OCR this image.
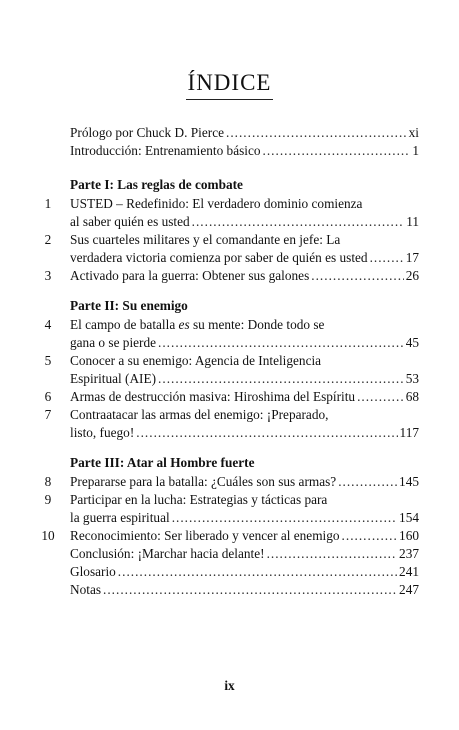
ÍNDICE
Prólogo por Chuck D. Pierce .....	xi
Introducción: Entrenamiento básico .....	1
Parte I: Las reglas de combate
1	USTED – Redefinido: El verdadero dominio comienza
al saber quién es usted .....	11
2	Sus cuarteles militares y el comandante en jefe: La
verdadera victoria comienza por saber de quién es usted .....	17
3	Activado para la guerra: Obtener sus galones .....	26
Parte II: Su enemigo
4	El campo de batalla es su mente: Donde todo se
gana o se pierde .....	45
5	Conocer a su enemigo: Agencia de Inteligencia
Espiritual (AIE) .....	53
6	Armas de destrucción masiva: Hiroshima del Espíritu .....	68
7	Contraatacar las armas del enemigo: ¡Preparado,
listo, fuego! .....	117
Parte III: Atar al Hombre fuerte
8	Prepararse para la batalla: ¿Cuáles son sus armas? .....	145
9	Participar en la lucha: Estrategias y tácticas para
la guerra espiritual .....	154
10	Reconocimiento: Ser liberado y vencer al enemigo .....	160
Conclusión: ¡Marchar hacia delante! .....	237
Glosario .....	241
Notas .....	247
ix
